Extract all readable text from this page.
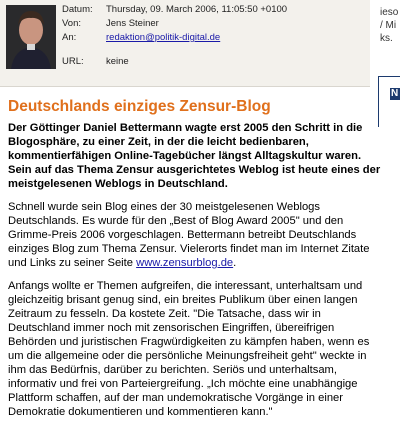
Datum:	Thursday, 09. March 2006, 11:05:50 +0100
Von:	Jens Steiner
An:	redaktion@politik-digital.de
URL:	keine
ieso
/ Mi
ks.
N
Deutschlands einziges Zensur-Blog

Der Göttinger Daniel Bettermann wagte erst 2005 den Schritt in die Blogosphäre, zu einer Zeit, in der die leicht bedienbaren, kommentierfähigen Online-Tagebücher längst Alltagskultur waren. Sein auf das Thema Zensur ausgerichtetes Weblog ist heute eines der meistgelesenen Weblogs in Deutschland.

Schnell wurde sein Blog eines der 30 meistgelesenen Weblogs Deutschlands. Es wurde für den „Best of Blog Award 2005" und den Grimme-Preis 2006 vorgeschlagen. Bettermann betreibt Deutschlands einziges Blog zum Thema Zensur. Vielerorts findet man im Internet Zitate und Links zu seiner Seite www.zensurblog.de.

Anfangs wollte er Themen aufgreifen, die interessant, unterhaltsam und gleichzeitig brisant genug sind, ein breites Publikum über einen langen Zeitraum zu fesseln. Da kostete Zeit. "Die Tatsache, dass wir in Deutschland immer noch mit zensorischen Eingriffen, übereifrigen Behörden und juristischen Fragwürdigkeiten zu kämpfen haben, wenn es um die allgemeine oder die persönliche Meinungsfreiheit geht" weckte in ihm das Bedürfnis, darüber zu berichten. Seriös und unterhaltsam, informativ und frei von Parteiergreifung. „Ich möchte eine unabhängige Plattform schaffen, auf der man undemokratische Vorgänge in einer Demokratie dokumentieren und kommentieren kann."
